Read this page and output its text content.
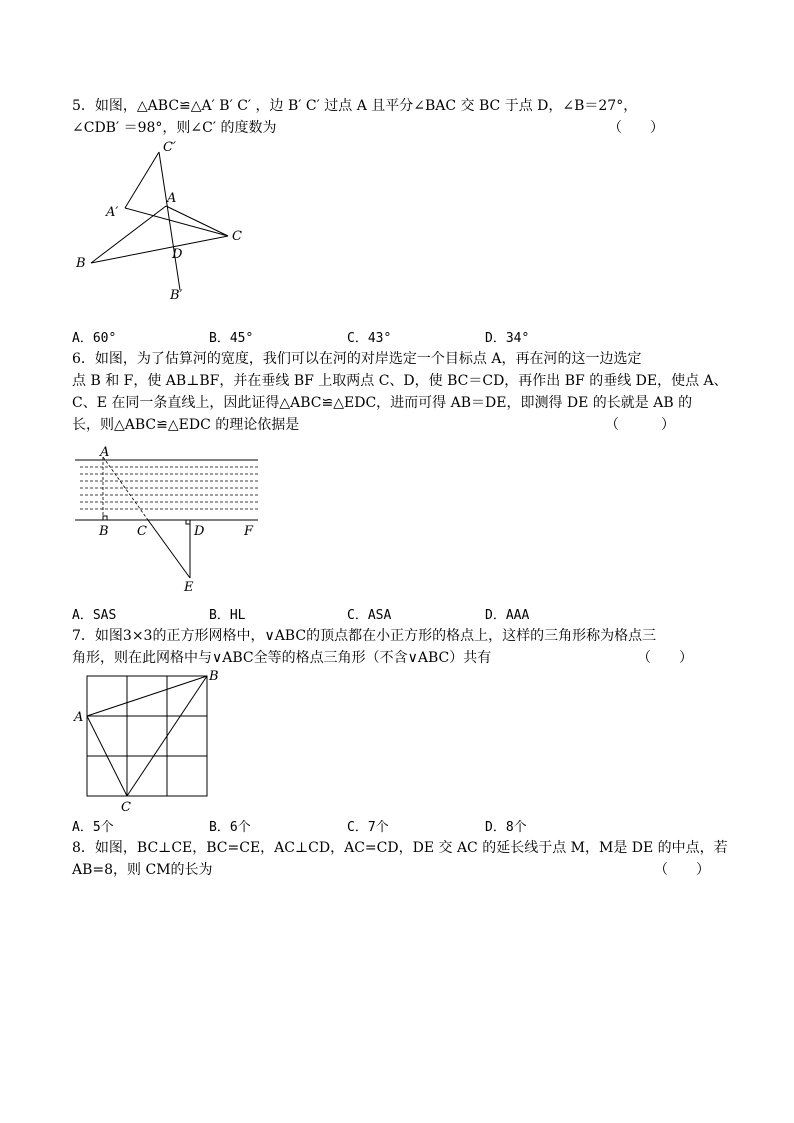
5．如图，△ABC≌△A′ B′ C′ ，边 B′ C′ 过点 A 且平分∠BAC 交 BC 于点 D，∠B＝27°，
∠CDB′ ＝98°，则∠C′ 的度数为	（　　）
C′
A′
A
C
B
D
B′
A．60°	B．45°	C．43°	D．34°
6．如图，为了估算河的宽度，我们可以在河的对岸选定一个目标点 A，再在河的这一边选定
点 B 和 F，使 AB⊥BF，并在垂线 BF 上取两点 C、D，使 BC＝CD，再作出 BF 的垂线 DE，使点 A、
C、E 在同一条直线上，因此证得△ABC≌△EDC，进而可得 AB＝DE，即测得 DE 的长就是 AB 的
长，则△ABC≌△EDC 的理论依据是	（　　　）
A
B C	D	F
E
A．SAS	B．HL	C．ASA	D．AAA
7．如图3×3的正方形网格中，∨ABC的顶点都在小正方形的格点上，这样的三角形称为格点三
角形，则在此网格中与∨ABC全等的格点三角形（不含∨ABC）共有	（　　）
A
B
C
A．5个	B．6个	C．7个	D．8个
8．如图，BC⊥CE，BC=CE，AC⊥CD，AC=CD，DE 交 AC 的延长线于点 M，M是 DE 的中点，若
AB=8，则 CM的长为	（　　）
